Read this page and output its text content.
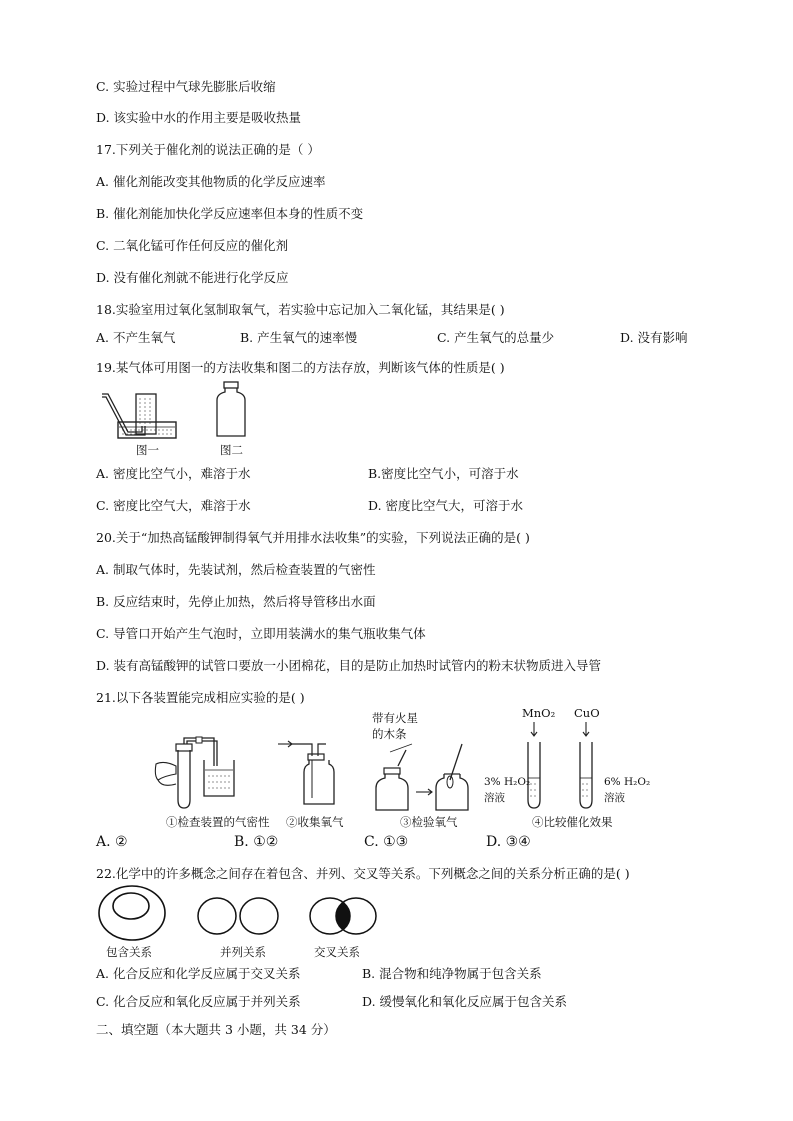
C. 实验过程中气球先膨胀后收缩
D. 该实验中水的作用主要是吸收热量
17.下列关于催化剂的说法正确的是（ ）
A. 催化剂能改变其他物质的化学反应速率
B. 催化剂能加快化学反应速率但本身的性质不变
C. 二氧化锰可作任何反应的催化剂
D. 没有催化剂就不能进行化学反应
18.实验室用过氧化氢制取氧气，若实验中忘记加入二氧化锰，其结果是( )
A. 不产生氧气	B. 产生氧气的速率慢	C. 产生氧气的总量少	D. 没有影响
19.某气体可用图一的方法收集和图二的方法存放，判断该气体的性质是( )
图一	图二
A. 密度比空气小，难溶于水	B.密度比空气小，可溶于水
C. 密度比空气大，难溶于水	D. 密度比空气大，可溶于水
20.关于“加热高锰酸钾制得氧气并用排水法收集”的实验，下列说法正确的是( )
A. 制取气体时，先装试剂，然后检查装置的气密性
B. 反应结束时，先停止加热，然后将导管移出水面
C. 导管口开始产生气泡时，立即用装满水的集气瓶收集气体
D. 装有高锰酸钾的试管口要放一小团棉花，目的是防止加热时试管内的粉末状物质进入导管
21.以下各装置能完成相应实验的是( )
①检查装置的气密性 ②收集氧气
带有火星
的木条
③检验氧气
MnO₂ CuO
3% H₂O₂
溶液
6% H₂O₂
溶液
④比较催化效果
A. ②	B. ①②	C. ①③	D. ③④
22.化学中的许多概念之间存在着包含、并列、交叉等关系。下列概念之间的关系分析正确的是( )
包含关系	并列关系	交叉关系
A. 化合反应和化学反应属于交叉关系	B. 混合物和纯净物属于包含关系
C. 化合反应和氧化反应属于并列关系	D. 缓慢氧化和氧化反应属于包含关系
二、填空题（本大题共 3 小题，共 34 分）
